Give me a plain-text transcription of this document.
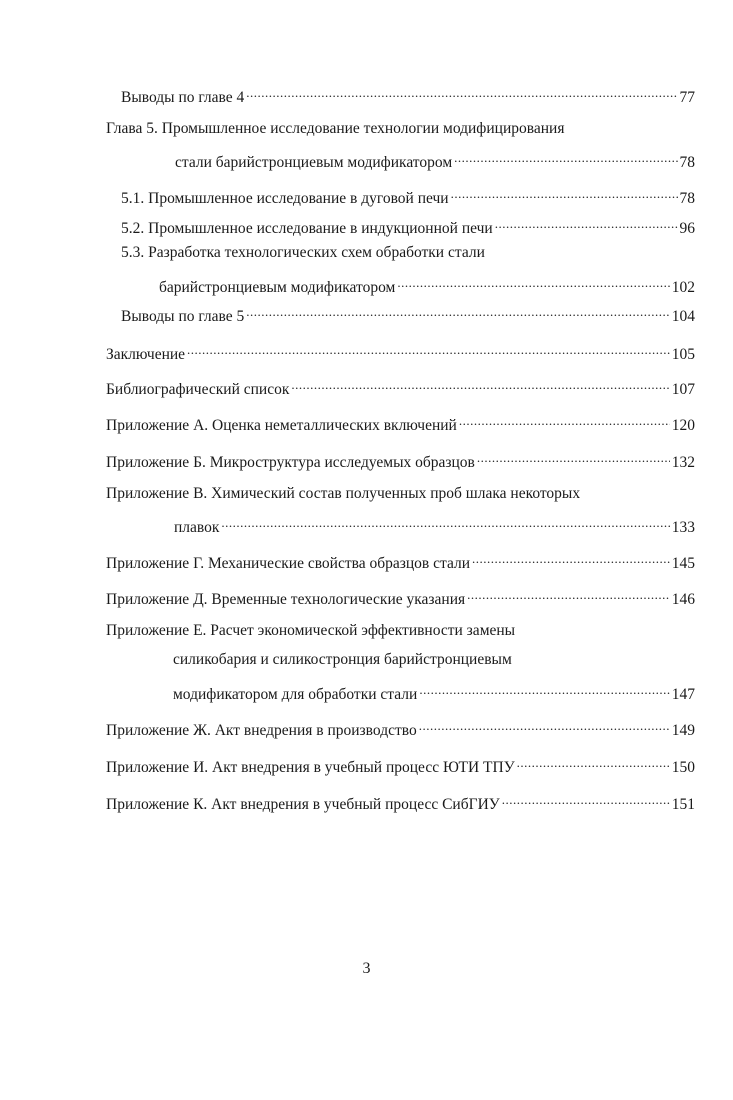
Выводы по главе 4 .....	77
Глава 5. Промышленное исследование технологии модифицирования
стали барийстронциевым модификатором .....	78
5.1. Промышленное исследование в дуговой печи .....	78
5.2. Промышленное исследование в индукционной печи .....	96
5.3. Разработка технологических схем обработки стали
барийстронциевым модификатором .....	102
Выводы по главе 5 .....	104
Заключение .....	105
Библиографический список .....	107
Приложение А. Оценка неметаллических включений .....	120
Приложение Б. Микроструктура исследуемых образцов .....	132
Приложение В. Химический состав полученных проб шлака некоторых
плавок .....	133
Приложение Г. Механические свойства образцов стали .....	145
Приложение Д. Временные технологические указания .....	146
Приложение Е. Расчет экономической эффективности замены
силикобария и силикостронция барийстронциевым
модификатором для обработки стали .....	147
Приложение Ж. Акт внедрения в производство .....	149
Приложение И. Акт внедрения в учебный процесс ЮТИ ТПУ .....	150
Приложение К. Акт внедрения в учебный процесс СибГИУ .....	151
3
